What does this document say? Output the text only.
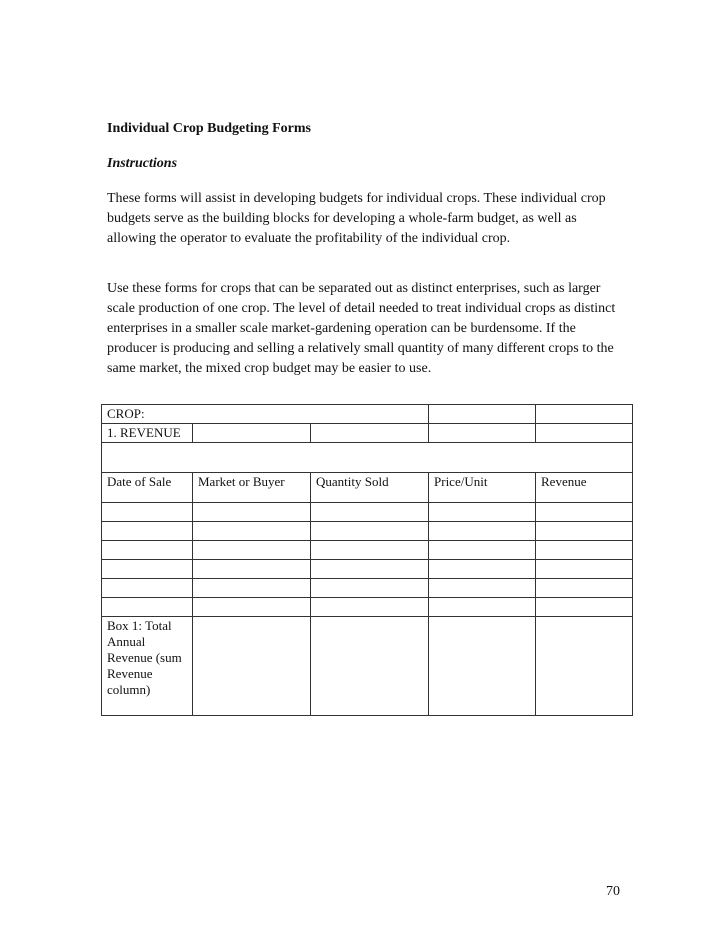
Individual Crop Budgeting Forms

Instructions

These forms will assist in developing budgets for individual crops. These individual crop budgets serve as the building blocks for developing a whole-farm budget, as well as allowing the operator to evaluate the profitability of the individual crop.

Use these forms for crops that can be separated out as distinct enterprises, such as larger scale production of one crop. The level of detail needed to treat individual crops as distinct enterprises in a smaller scale market-gardening operation can be burdensome. If the producer is producing and selling a relatively small quantity of many different crops to the same market, the mixed crop budget may be easier to use.

CROP:				
1. REVENUE				

Date of Sale	Market or Buyer	Quantity Sold	Price/Unit	Revenue

Box 1: Total Annual Revenue (sum Revenue column)				
70
